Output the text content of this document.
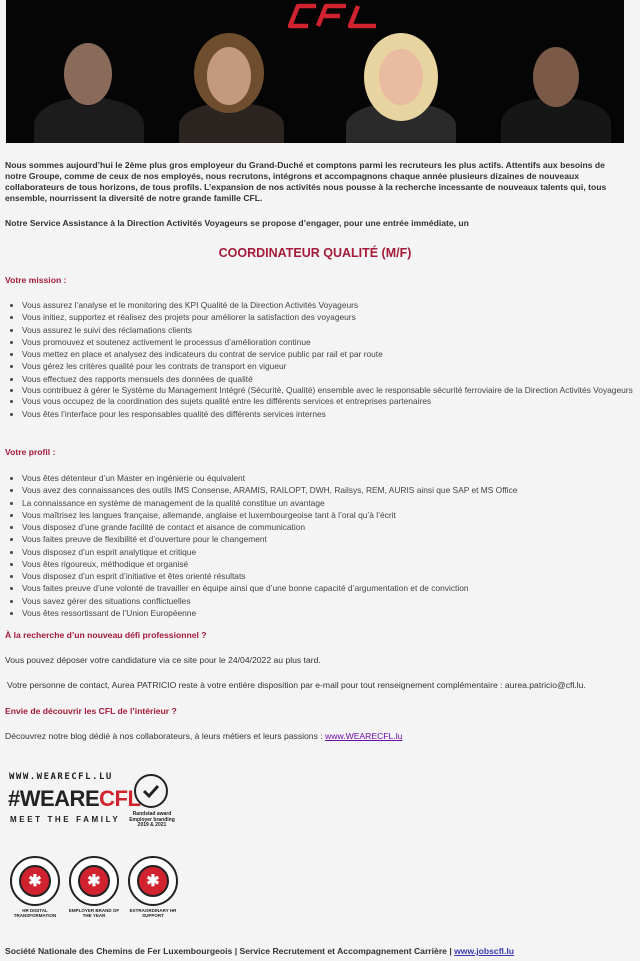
Nous sommes aujourd’hui le 2ème plus gros employeur du Grand-Duché et comptons parmi les recruteurs les plus actifs. Attentifs aux besoins de notre Groupe, comme de ceux de nos employés, nous recrutons, intégrons et accompagnons chaque année plusieurs dizaines de nouveaux collaborateurs de tous horizons, de tous profils. L’expansion de nos activités nous pousse à la recherche incessante de nouveaux talents qui, tous ensemble, nourrissent la diversité de notre grande famille CFL.
Notre Service Assistance à la Direction Activités Voyageurs se propose d’engager, pour une entrée immédiate, un
COORDINATEUR QUALITÉ (M/F)
Votre mission :
• Vous assurez l’analyse et le monitoring des KPI Qualité de la Direction Activités Voyageurs
• Vous initiez, supportez et réalisez des projets pour améliorer la satisfaction des voyageurs
• Vous assurez le suivi des réclamations clients
• Vous promouvez et soutenez activement le processus d’amélioration continue
• Vous mettez en place et analysez des indicateurs du contrat de service public par rail et par route
• Vous gérez les critères qualité pour les contrats de transport en vigueur
• Vous effectuez des rapports mensuels des données de qualité
• Vous contribuez à gérer le Système du Management Intégré (Sécurité, Qualité) ensemble avec le responsable sécurité ferroviaire de la Direction Activités Voyageurs
• Vous vous occupez de la coordination des sujets qualité entre les différents services et entreprises partenaires
• Vous êtes l’interface pour les responsables qualité des différents services internes
Votre profil :
• Vous êtes détenteur d’un Master en ingénierie ou équivalent
• Vous avez des connaissances des outils IMS Consense, ARAMIS, RAILOPT, DWH, Railsys, REM, AURIS ainsi que SAP et MS Office
• La connaissance en système de management de la qualité constitue un avantage
• Vous maîtrisez les langues française, allemande, anglaise et luxembourgeoise tant à l’oral qu’à l’écrit
• Vous disposez d’une grande facilité de contact et aisance de communication
• Vous faites preuve de flexibilité et d’ouverture pour le changement
• Vous disposez d’un esprit analytique et critique
• Vous êtes rigoureux, méthodique et organisé
• Vous disposez d’un esprit d’initiative et êtes orienté résultats
• Vous faites preuve d’une volonté de travailler en équipe ainsi que d’une bonne capacité d’argumentation et de conviction
• Vous savez gérer des situations conflictuelles
• Vous êtes ressortissant de l’Union Européenne
À la recherche d’un nouveau défi professionnel ?
Vous pouvez déposer votre candidature via ce site pour le 24/04/2022 au plus tard.
Votre personne de contact, Aurea PATRICIO reste à votre entière disposition par e-mail pour tout renseignement complémentaire : aurea.patricio@cfl.lu.
Envie de découvrir les CFL de l’intérieur ?
Découvrez notre blog dédié à nos collaborateurs, à leurs métiers et leurs passions : www.WEARECFL.lu
WWW.WEARECFL.LU
#WEARECFL
MEET THE FAMILY
Randstad award
Employer branding
2019 & 2021
✱
HR DIGITAL TRANSFORMATION
✱
EMPLOYER BRAND OF THE YEAR
✱
EXTRAORDINARY HR SUPPORT
Société Nationale des Chemins de Fer Luxembourgeois | Service Recrutement et Accompagnement Carrière | www.jobscfl.lu
